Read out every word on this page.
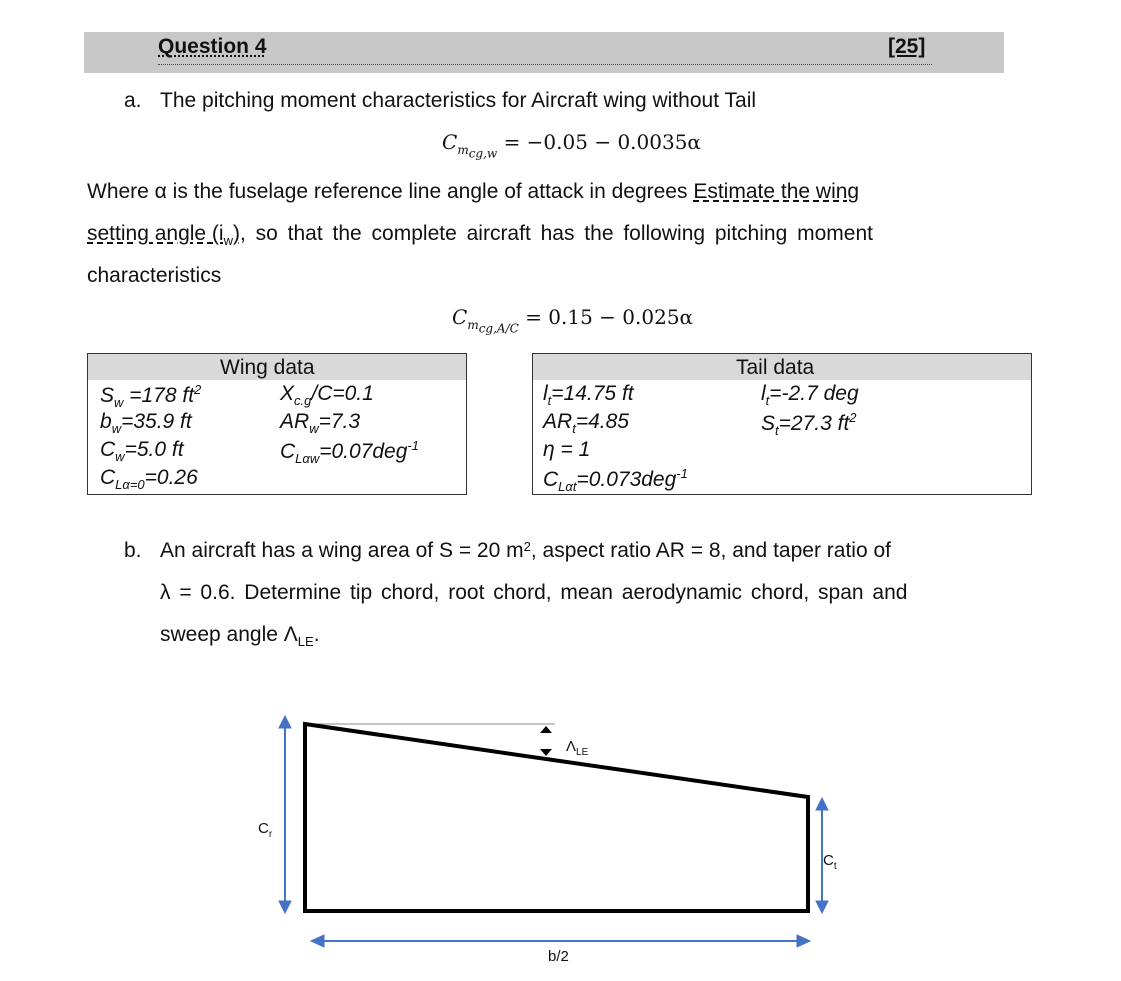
Question 4	[25]
a. The pitching moment characteristics for Aircraft wing without Tail
$C_{m_{cg,w}} = -0.05 - 0.0035\alpha$
Where α is the fuselage reference line angle of attack in degrees Estimate the wing
setting angle $(i_w)$ , so that the complete aircraft has the following pitching moment
characteristics
$C_{m_{cg,A/C}} = 0.15 - 0.025\alpha$
Wing data
$S_w =178$ $ft^2$
$b_w=35.9$ ft
$C_w=5.0$ ft
$C_{L\alpha=0}=0.26$
$X_{c.g}/C=0.1$
$AR_w=7.3$
$C_{L\alpha w}=0.07deg^{-1}$
Tail data
$l_t=14.75$ ft
$AR_t=4.85$
η = 1
$C_{L\alpha t}=0.073deg^{-1}$
$l_t=-2.7$ deg
$S_t=27.3$ $ft^2$
b. An aircraft has a wing area of S = 20 m 2 , aspect ratio AR = 8, and taper ratio of
λ = 0.6. Determine tip chord, root chord, mean aerodynamic chord, span and
sweep angle $\Lambda_{LE}$.
$C_r$
$C_t$
b/2
$\Lambda_{LE}$
